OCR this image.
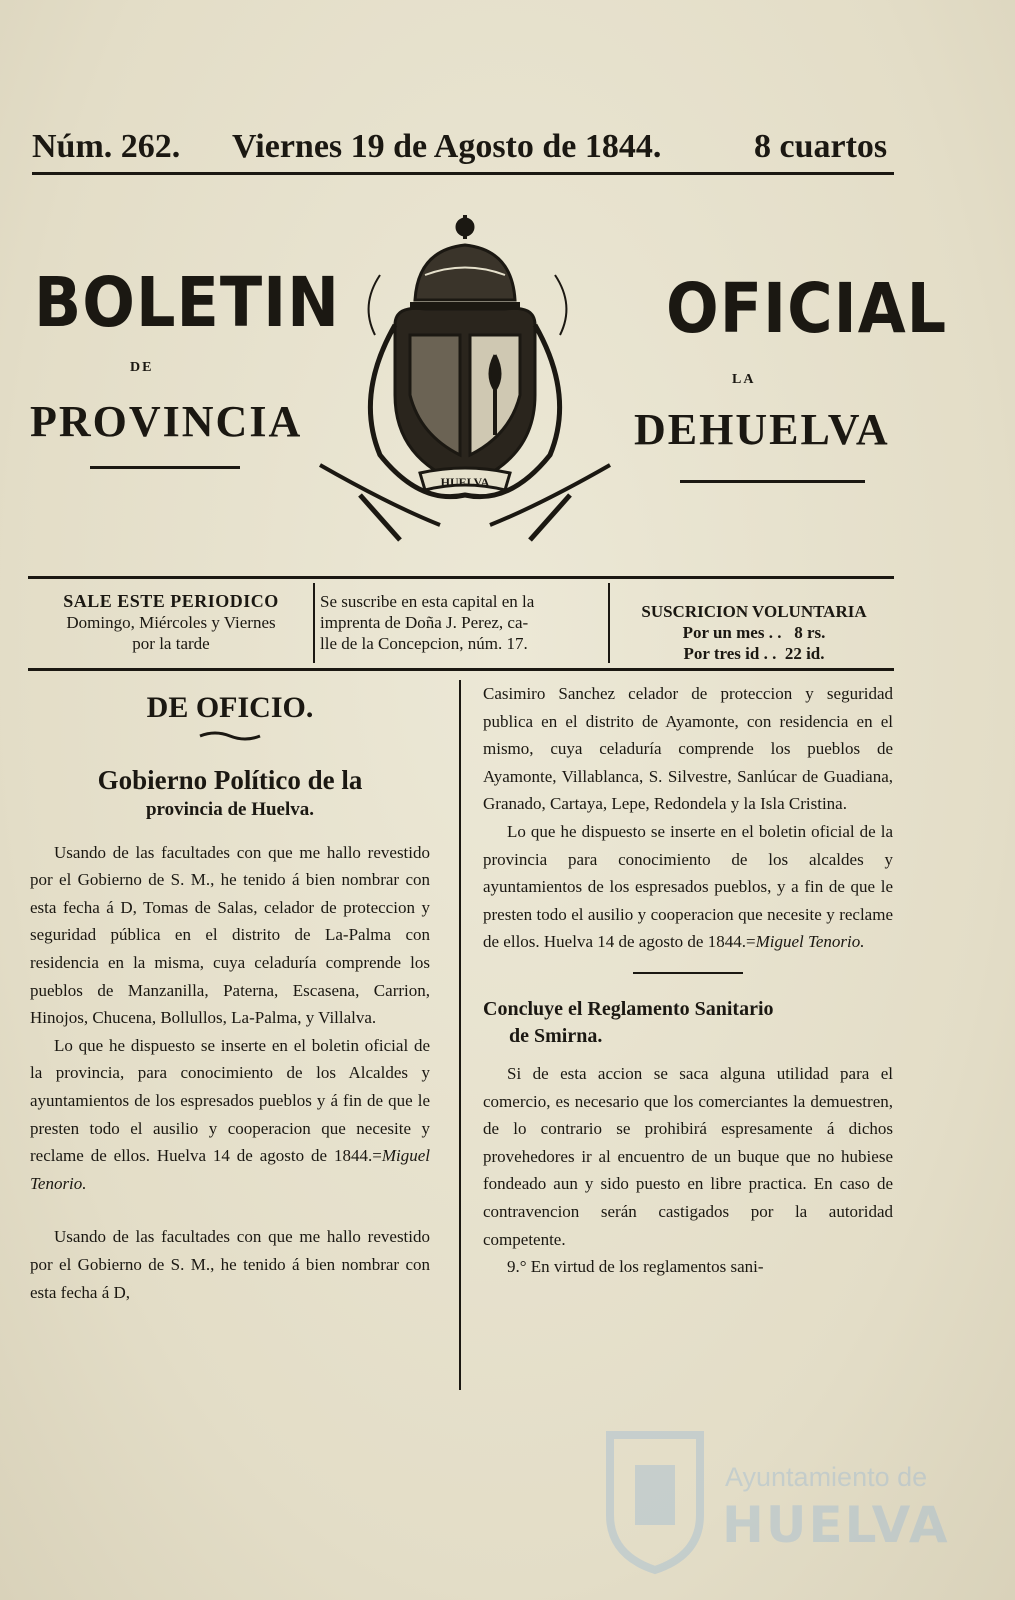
Núm. 262. Viernes 19 de Agosto de 1844.	8 cuartos
BOLETIN
DE
PROVINCIA
OFICIAL
LA
DEHUELVA
HUELVA
SALE ESTE PERIODICO
Domingo, Miércoles y Viernes
por la tarde
Se suscribe en esta capital en la
imprenta de Doña J. Perez, ca-
lle de la Concepcion, núm. 17.
SUSCRICION VOLUNTARIA
Por un mes . .   8 rs.
Por tres id . .  22 id.
DE OFICIO.
Gobierno Político de la
provincia de Huelva.

Usando de las facultades con que me hallo revestido por el Gobierno de S. M., he tenido á bien nombrar con esta fecha á D, Tomas de Salas, celador de proteccion y seguridad pública en el distrito de La-Palma con residencia en la misma, cuya celaduría comprende los pueblos de Manzanilla, Paterna, Escasena, Carrion, Hinojos, Chucena, Bollullos, La-Palma, y Villalva.

Lo que he dispuesto se inserte en el boletin oficial de la provincia, para conocimiento de los Alcaldes y ayuntamientos de los espresados pueblos y á fin de que le presten todo el ausilio y cooperacion que necesite y reclame de ellos. Huelva 14 de agosto de 1844.=Miguel Tenorio.

Usando de las facultades con que me hallo revestido por el Gobierno de S. M., he tenido á bien nombrar con esta fecha á D,

Casimiro Sanchez celador de proteccion y seguridad publica en el distrito de Ayamonte, con residencia en el mismo, cuya celaduría comprende los pueblos de Ayamonte, Villablanca, S. Silvestre, Sanlúcar de Guadiana, Granado, Cartaya, Lepe, Redondela y la Isla Cristina.

Lo que he dispuesto se inserte en el boletin oficial de la provincia para conocimiento de los alcaldes y ayuntamientos de los espresados pueblos, y a fin de que le presten todo el ausilio y cooperacion que necesite y reclame de ellos. Huelva 14 de agosto de 1844.=Miguel Tenorio.

Concluye el Reglamento Sanitario
de Smirna.

Si de esta accion se saca alguna utilidad para el comercio, es necesario que los comerciantes la demuestren, de lo contrario se prohibirá espresamente á dichos provehedores ir al encuentro de un buque que no hubiese fondeado aun y sido puesto en libre practica. En caso de contravencion serán castigados por la autoridad competente.

9.° En virtud de los reglamentos sani-

Ayuntamiento de
HUELVA
